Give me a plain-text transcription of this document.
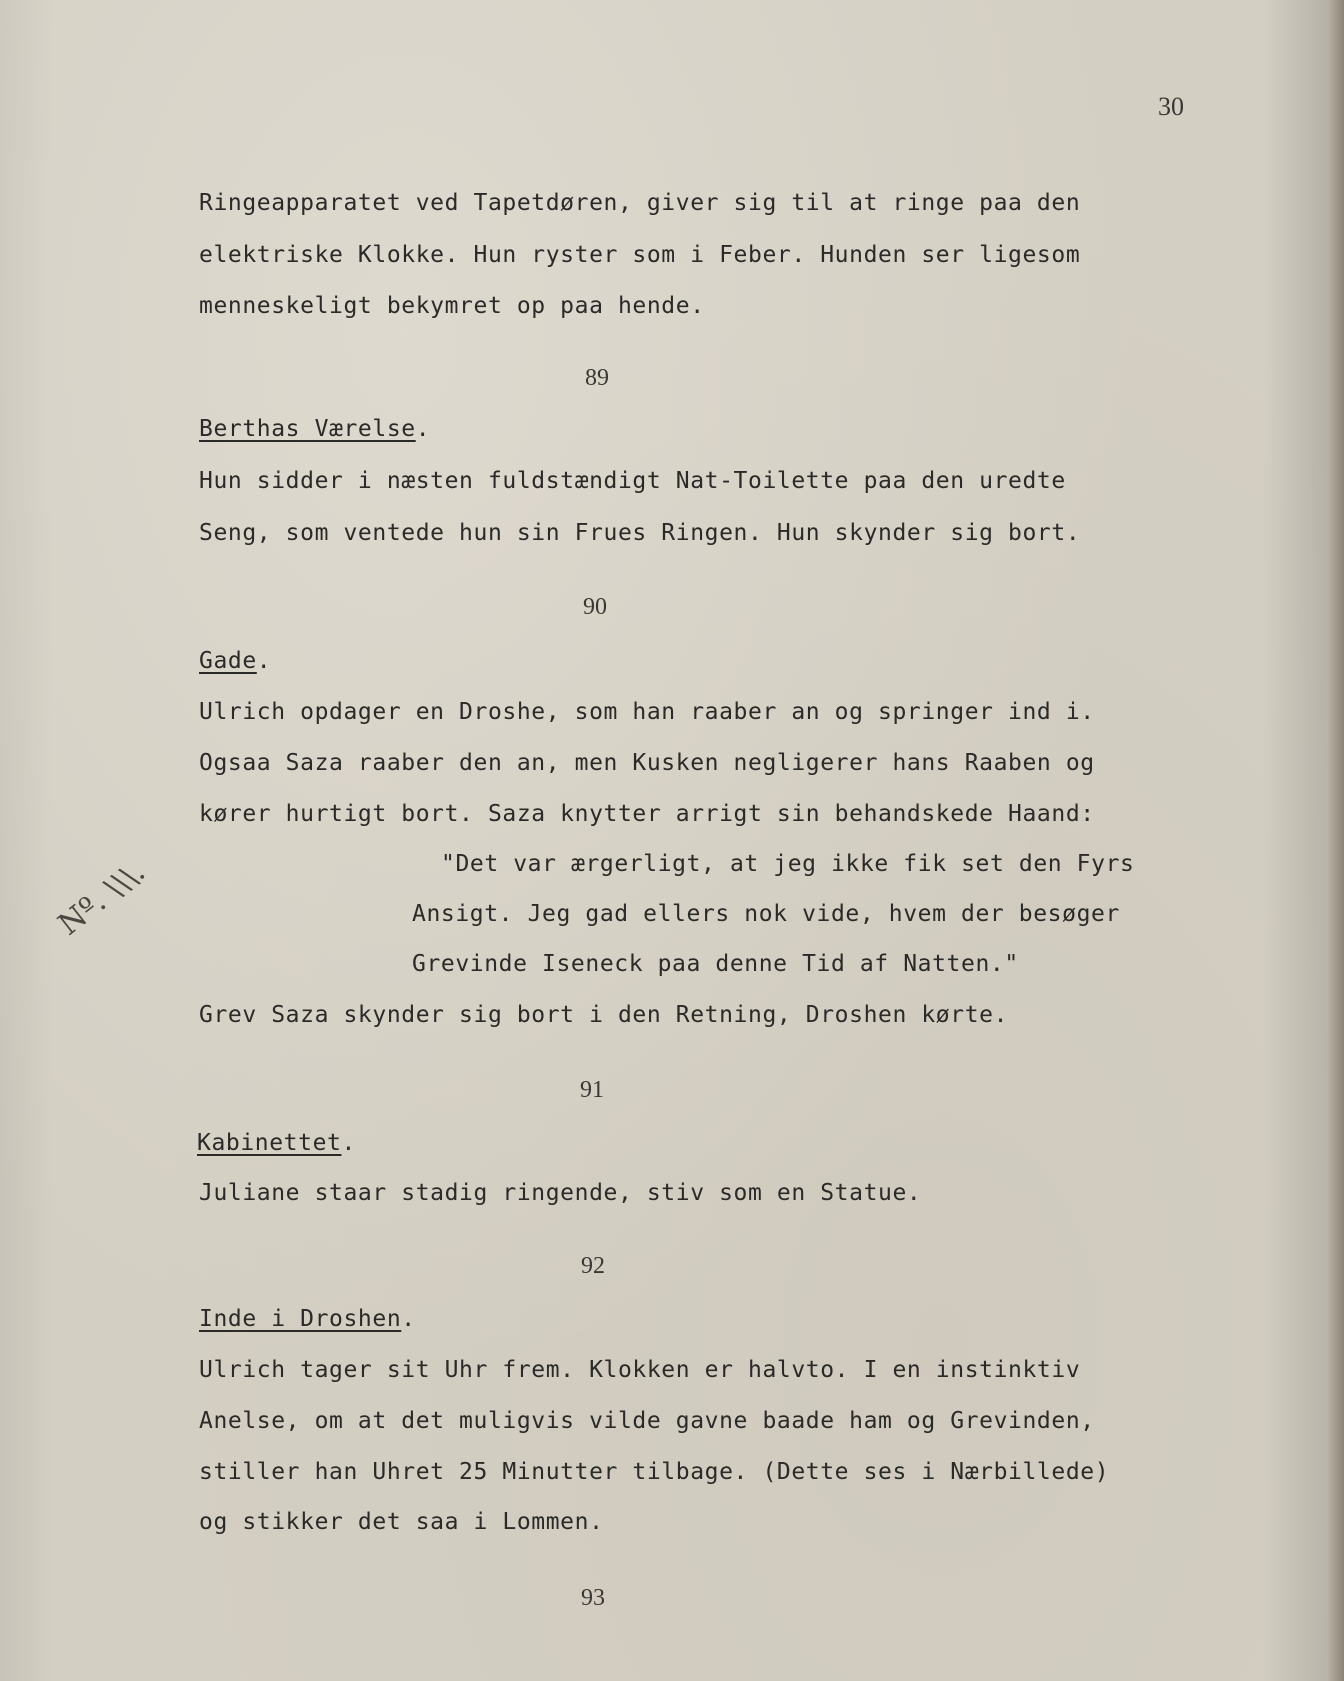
30
Ringeapparatet ved Tapetdøren, giver sig til at ringe paa den
elektriske Klokke. Hun ryster som i Feber. Hunden ser ligesom
menneskeligt bekymret op paa hende.
89
Berthas Værelse.
Hun sidder i næsten fuldstændigt Nat-Toilette paa den uredte
Seng, som ventede hun sin Frues Ringen. Hun skynder sig bort.
90
Gade.
Ulrich opdager en Droshe, som han raaber an og springer ind i.
Ogsaa Saza raaber den an, men Kusken negligerer hans Raaben og
kører hurtigt bort. Saza knytter arrigt sin behandskede Haand:
"Det var ærgerligt, at jeg ikke fik set den Fyrs
Ansigt. Jeg gad ellers nok vide, hvem der besøger
Grevinde Iseneck paa denne Tid af Natten."
Grev Saza skynder sig bort i den Retning, Droshen kørte.
Nº. \\\.
91
Kabinettet.
Juliane staar stadig ringende, stiv som en Statue.
92
Inde i Droshen.
Ulrich tager sit Uhr frem. Klokken er halvto. I en instinktiv
Anelse, om at det muligvis vilde gavne baade ham og Grevinden,
stiller han Uhret 25 Minutter tilbage. (Dette ses i Nærbillede)
og stikker det saa i Lommen.
93
